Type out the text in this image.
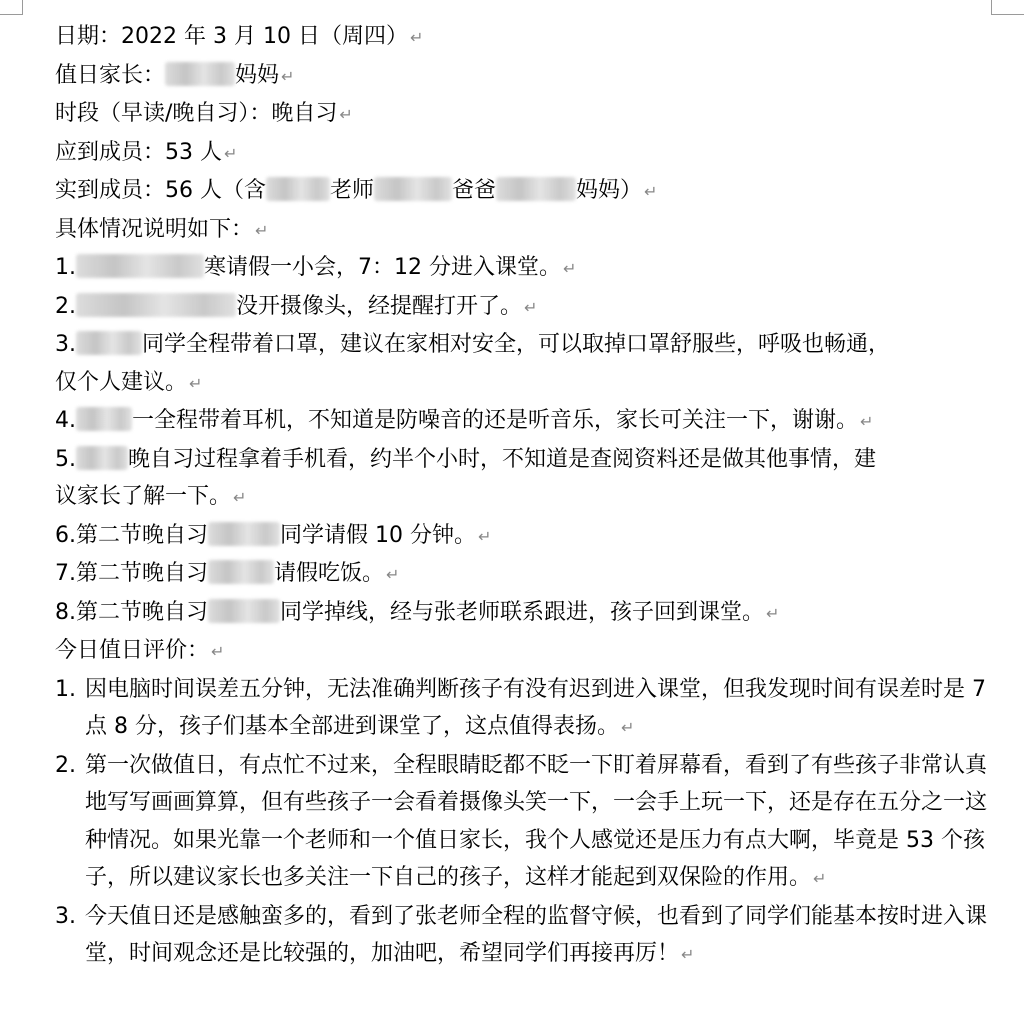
日期：2022 年 3 月 10 日（周四） ↵
值日家长：	妈妈 ↵
时段（早读/晚自习）：晚自习 ↵
应到成员：53 人 ↵
实到成员：56 人（含	老师	爸爸	妈妈） ↵
具体情况说明如下： ↵
1.	寒请假一小会，7：12 分进入课堂。 ↵
2.	没开摄像头，经提醒打开了。 ↵
3.	同学全程带着口罩，建议在家相对安全，可以取掉口罩舒服些，呼吸也畅通，
仅个人建议。 ↵
4.	一全程带着耳机，不知道是防噪音的还是听音乐，家长可关注一下，谢谢。 ↵
5. 晚自习过程拿着手机看，约半个小时，不知道是查阅资料还是做其他事情，建
议家长了解一下。 ↵
6.第二节晚自习	同学请假 10 分钟。 ↵
7.第二节晚自习	请假吃饭。 ↵
8.第二节晚自习	同学掉线，经与张老师联系跟进，孩子回到课堂。 ↵
今日值日评价： ↵
1. 因电脑时间误差五分钟，无法准确判断孩子有没有迟到进入课堂，但我发现时间有误差时是 7 点 8 分，孩子们基本全部进到课堂了，这点值得表扬。 ↵
2. 第一次做值日，有点忙不过来，全程眼睛眨都不眨一下盯着屏幕看，看到了有些孩子非常认真地写写画画算算，但有些孩子一会看着摄像头笑一下，一会手上玩一下，还是存在五分之一这种情况。如果光靠一个老师和一个值日家长，我个人感觉还是压力有点大啊，毕竟是 53 个孩子，所以建议家长也多关注一下自己的孩子，这样才能起到双保险的作用。 ↵
3. 今天值日还是感触蛮多的，看到了张老师全程的监督守候，也看到了同学们能基本按时进入课堂，时间观念还是比较强的，加油吧，希望同学们再接再厉！ ↵
